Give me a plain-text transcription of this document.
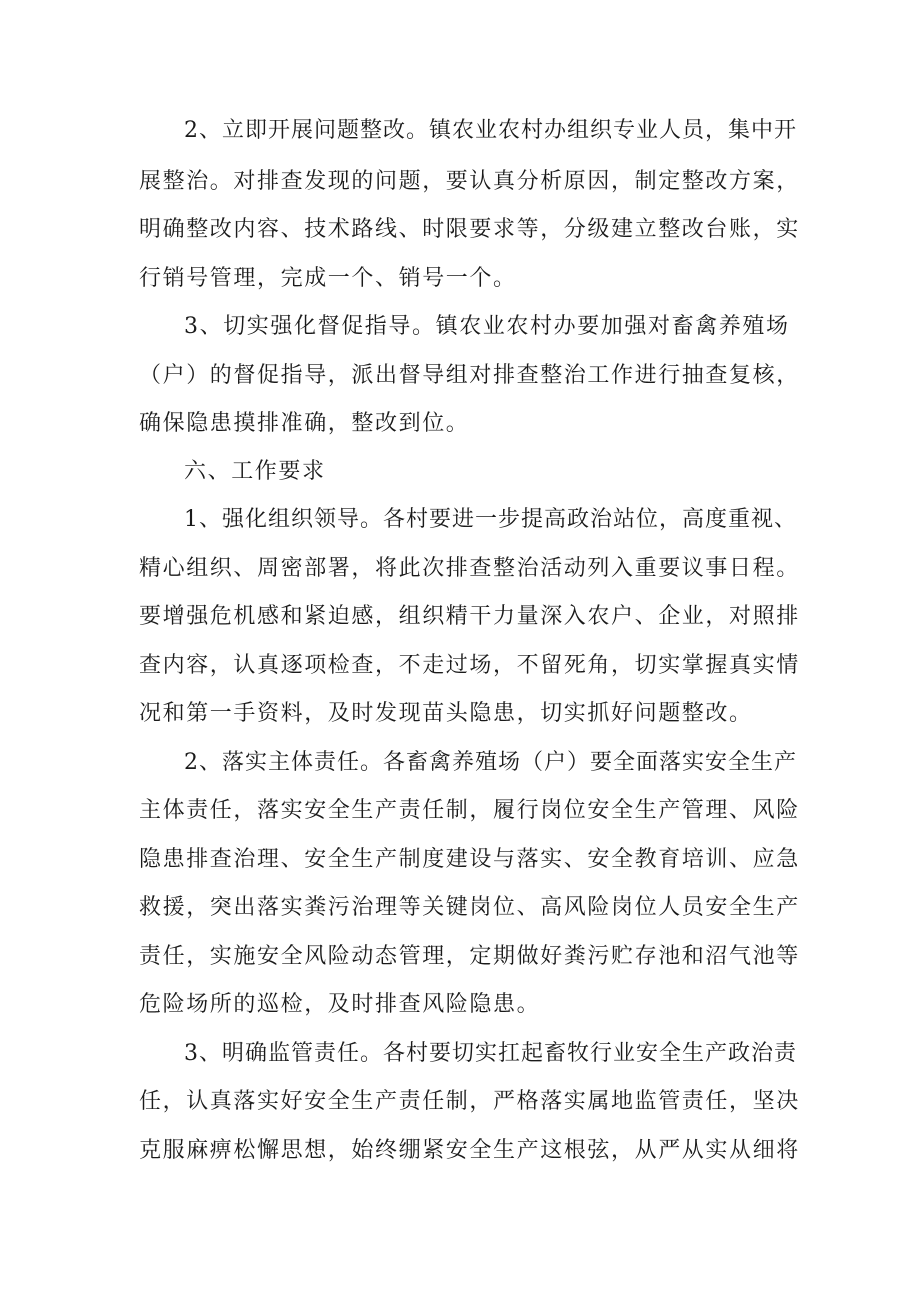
2、立即开展问题整改。镇农业农村办组织专业人员，集中开
展整治。对排查发现的问题，要认真分析原因，制定整改方案，
明确整改内容、技术路线、时限要求等，分级建立整改台账，实
行销号管理，完成一个、销号一个。
3、切实强化督促指导。镇农业农村办要加强对畜禽养殖场
（户）的督促指导，派出督导组对排查整治工作进行抽查复核，
确保隐患摸排准确，整改到位。
六、工作要求
1、强化组织领导。各村要进一步提高政治站位，高度重视、
精心组织、周密部署，将此次排查整治活动列入重要议事日程。
要增强危机感和紧迫感，组织精干力量深入农户、企业，对照排
查内容，认真逐项检查，不走过场，不留死角，切实掌握真实情
况和第一手资料，及时发现苗头隐患，切实抓好问题整改。
2、落实主体责任。各畜禽养殖场（户）要全面落实安全生产
主体责任，落实安全生产责任制，履行岗位安全生产管理、风险
隐患排查治理、安全生产制度建设与落实、安全教育培训、应急
救援，突出落实粪污治理等关键岗位、高风险岗位人员安全生产
责任，实施安全风险动态管理，定期做好粪污贮存池和沼气池等
危险场所的巡检，及时排查风险隐患。
3、明确监管责任。各村要切实扛起畜牧行业安全生产政治责
任，认真落实好安全生产责任制，严格落实属地监管责任，坚决
克服麻痹松懈思想，始终绷紧安全生产这根弦，从严从实从细将
